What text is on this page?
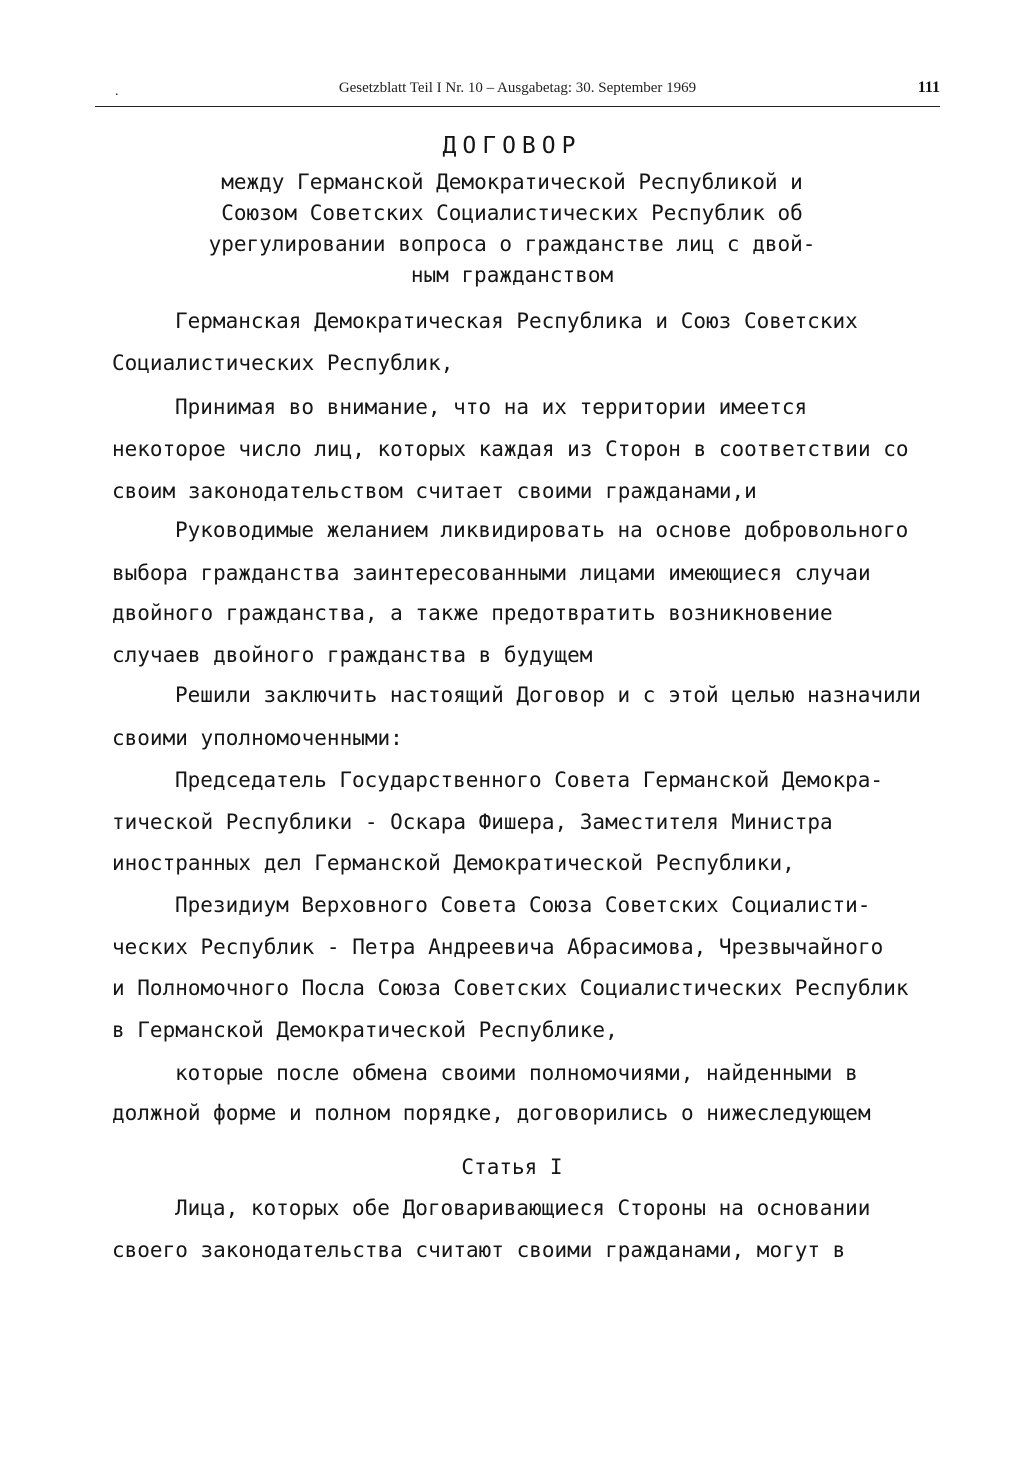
.	Gesetzblatt Teil I Nr. 10 – Ausgabetag: 30. September 1969	111
ДОГОВОР
между Германской Демократической Республикой и
Союзом Советских Социалистических Республик об
урегулировании вопроса о гражданстве лиц с двой-
ным гражданством
Германская Демократическая Республика и Союз Советских
Социалистических Республик,
Принимая во внимание, что на их территории имеется
некоторое число лиц, которых каждая из Сторон в соответствии со
своим законодательством считает своими гражданами,и
Руководимые желанием ликвидировать на основе добровольного
выбора гражданства заинтересованными лицами имеющиеся случаи
двойного гражданства, а также предотвратить возникновение
случаев двойного гражданства в будущем
Решили заключить настоящий Договор и с этой целью назначили
своими уполномоченными:
Председатель Государственного Совета Германской Демокра-
тической Республики - Оскара Фишера, Заместителя Министра
иностранных дел Германской Демократической Республики,
Президиум Верховного Совета Союза Советских Социалисти-
ческих Республик - Петра Андреевича Абрасимова, Чрезвычайного
и Полномочного Посла Союза Советских Социалистических Республик
в Германской Демократической Республике,
которые после обмена своими полномочиями, найденными в
должной форме и полном порядке, договорились о нижеследующем
Статья I
Лица, которых обе Договаривающиеся Стороны на основании
своего законодательства считают своими гражданами, могут в
